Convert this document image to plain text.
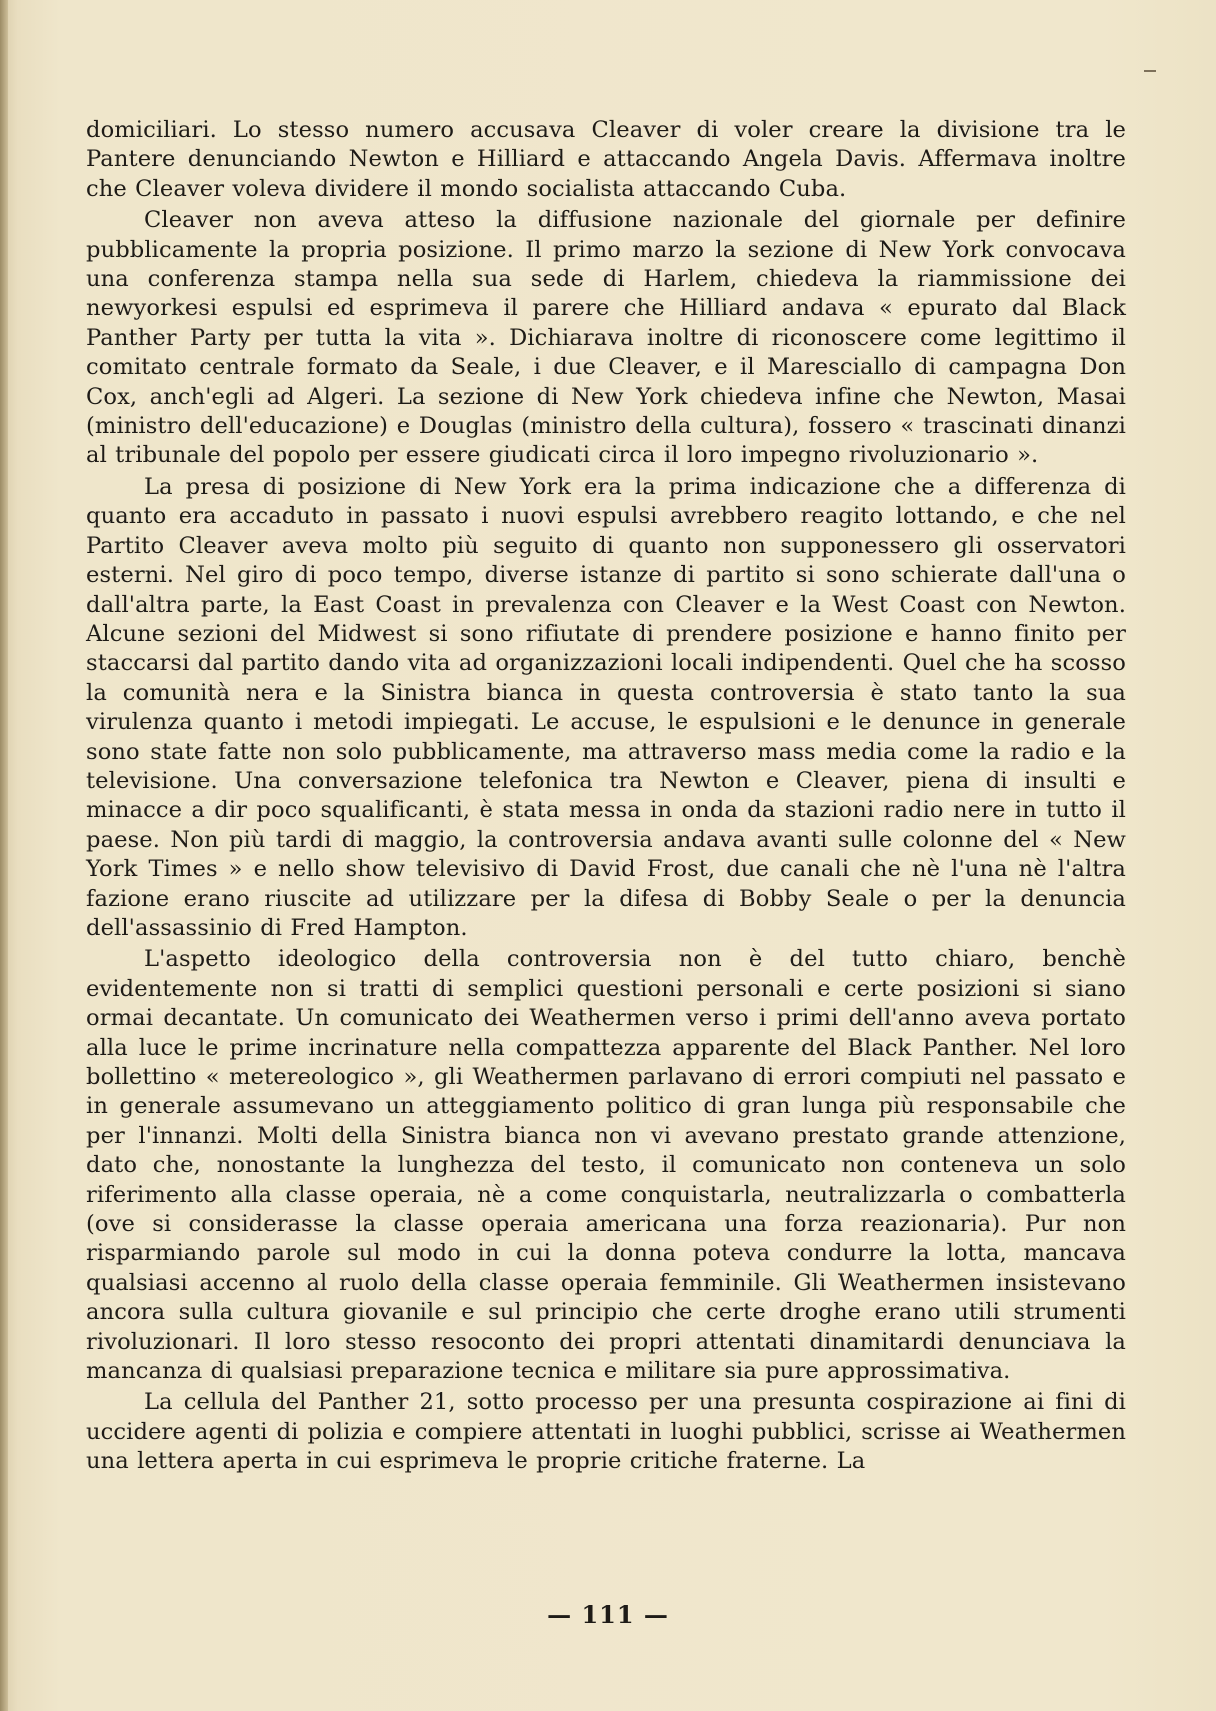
domiciliari. Lo stesso numero accusava Cleaver di voler creare la divisione tra le Pantere denunciando Newton e Hilliard e attaccando Angela Davis. Affermava inoltre che Cleaver voleva dividere il mondo socialista attaccando Cuba.

Cleaver non aveva atteso la diffusione nazionale del giornale per definire pubblicamente la propria posizione. Il primo marzo la sezione di New York convocava una conferenza stampa nella sua sede di Harlem, chiedeva la riammissione dei newyorkesi espulsi ed esprimeva il parere che Hilliard andava « epurato dal Black Panther Party per tutta la vita ». Dichiarava inoltre di riconoscere come legittimo il comitato centrale formato da Seale, i due Cleaver, e il Maresciallo di campagna Don Cox, anch'egli ad Algeri. La sezione di New York chiedeva infine che Newton, Masai (ministro dell'educazione) e Douglas (ministro della cultura), fossero « trascinati dinanzi al tribunale del popolo per essere giudicati circa il loro impegno rivoluzionario ».

La presa di posizione di New York era la prima indicazione che a differenza di quanto era accaduto in passato i nuovi espulsi avrebbero reagito lottando, e che nel Partito Cleaver aveva molto più seguito di quanto non supponessero gli osservatori esterni. Nel giro di poco tempo, diverse istanze di partito si sono schierate dall'una o dall'altra parte, la East Coast in prevalenza con Cleaver e la West Coast con Newton. Alcune sezioni del Midwest si sono rifiutate di prendere posizione e hanno finito per staccarsi dal partito dando vita ad organizzazioni locali indipendenti. Quel che ha scosso la comunità nera e la Sinistra bianca in questa controversia è stato tanto la sua virulenza quanto i metodi impiegati. Le accuse, le espulsioni e le denunce in generale sono state fatte non solo pubblicamente, ma attraverso mass media come la radio e la televisione. Una conversazione telefonica tra Newton e Cleaver, piena di insulti e minacce a dir poco squalificanti, è stata messa in onda da stazioni radio nere in tutto il paese. Non più tardi di maggio, la controversia andava avanti sulle colonne del « New York Times » e nello show televisivo di David Frost, due canali che nè l'una nè l'altra fazione erano riuscite ad utilizzare per la difesa di Bobby Seale o per la denuncia dell'assassinio di Fred Hampton.

L'aspetto ideologico della controversia non è del tutto chiaro, benchè evidentemente non si tratti di semplici questioni personali e certe posizioni si siano ormai decantate. Un comunicato dei Weathermen verso i primi dell'anno aveva portato alla luce le prime incrinature nella compattezza apparente del Black Panther. Nel loro bollettino « metereologico », gli Weathermen parlavano di errori compiuti nel passato e in generale assumevano un atteggiamento politico di gran lunga più responsabile che per l'innanzi. Molti della Sinistra bianca non vi avevano prestato grande attenzione, dato che, nonostante la lunghezza del testo, il comunicato non conteneva un solo riferimento alla classe operaia, nè a come conquistarla, neutralizzarla o combatterla (ove si considerasse la classe operaia americana una forza reazionaria). Pur non risparmiando parole sul modo in cui la donna poteva condurre la lotta, mancava qualsiasi accenno al ruolo della classe operaia femminile. Gli Weathermen insistevano ancora sulla cultura giovanile e sul principio che certe droghe erano utili strumenti rivoluzionari. Il loro stesso resoconto dei propri attentati dinamitardi denunciava la mancanza di qualsiasi preparazione tecnica e militare sia pure approssimativa.

La cellula del Panther 21, sotto processo per una presunta cospirazione ai fini di uccidere agenti di polizia e compiere attentati in luoghi pubblici, scrisse ai Weathermen una lettera aperta in cui esprimeva le proprie critiche fraterne. La

— 111 —
